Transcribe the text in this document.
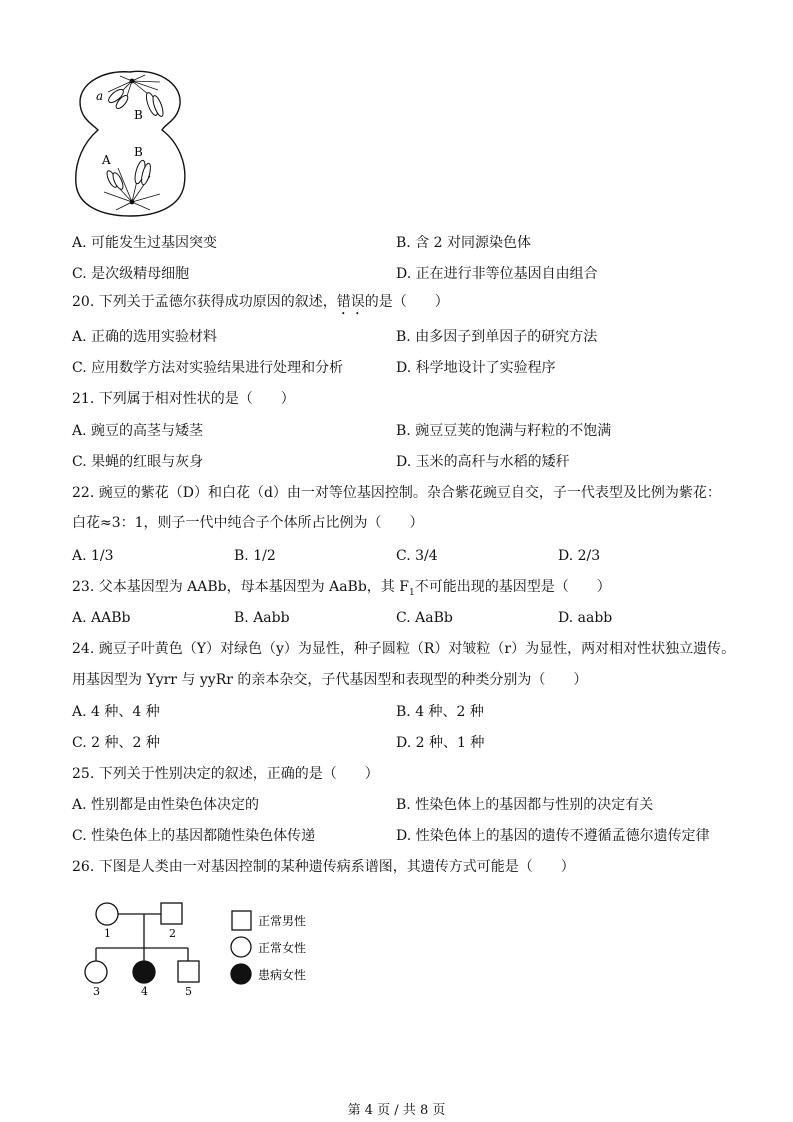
a
B
A
B
A. 可能发生过基因突变	B. 含 2 对同源染色体
C. 是次级精母细胞	D. 正在进行非等位基因自由组合
20. 下列关于孟德尔获得成功原因的叙述，错误的是（　　）
A. 正确的选用实验材料	B. 由多因子到单因子的研究方法
C. 应用数学方法对实验结果进行处理和分析	D. 科学地设计了实验程序
21. 下列属于相对性状的是（　　）
A. 豌豆的高茎与矮茎	B. 豌豆豆荚的饱满与籽粒的不饱满
C. 果蝇的红眼与灰身	D. 玉米的高秆与水稻的矮秆
22. 豌豆的紫花（D）和白花（d）由一对等位基因控制。杂合紫花豌豆自交，子一代表型及比例为紫花：
白花≈3：1，则子一代中纯合子个体所占比例为（　　）
A. 1/3	B. 1/2	C. 3/4	D. 2/3
23. 父本基因型为 AABb，母本基因型为 AaBb，其 $F_1$不可能出现的基因型是（　　）
A. AABb	B. Aabb	C. AaBb	D. aabb
24. 豌豆子叶黄色（Y）对绿色（y）为显性，种子圆粒（R）对皱粒（r）为显性，两对相对性状独立遗传。
用基因型为 Yyrr 与 yyRr 的亲本杂交，子代基因型和表现型的种类分别为（　　）
A. 4 种、4 种	B. 4 种、2 种
C. 2 种、2 种	D. 2 种、1 种
25. 下列关于性别决定的叙述，正确的是（　　）
A. 性别都是由性染色体决定的	B. 性染色体上的基因都与性别的决定有关
C. 性染色体上的基因都随性染色体传递	D. 性染色体上的基因的遗传不遵循孟德尔遗传定律
26. 下图是人类由一对基因控制的某种遗传病系谱图，其遗传方式可能是（　　）
1	2
3	4	5
正常男性
正常女性
患病女性
第 4 页 / 共 8 页
